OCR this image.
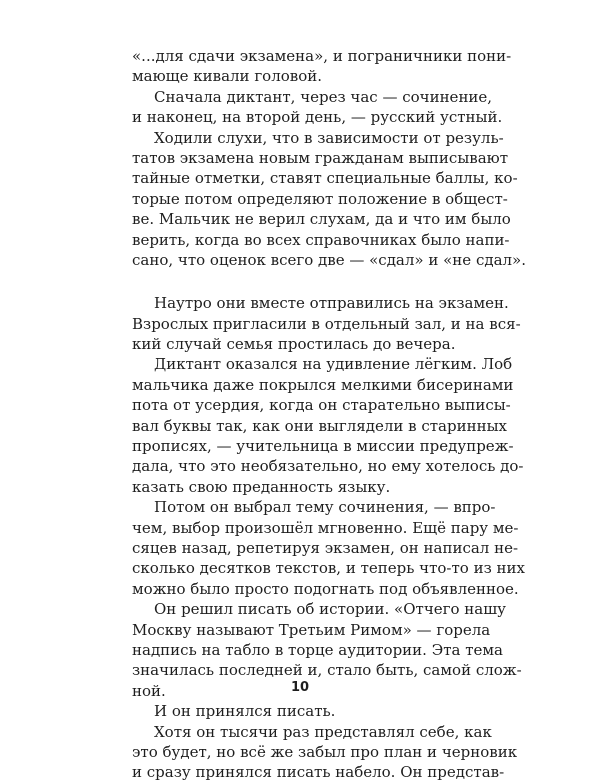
«...для сдачи экзамена», и пограничники пони-
мающе кивали головой.
Сначала диктант, через час — сочинение,
и наконец, на второй день, — русский устный.
Ходили слухи, что в зависимости от резуль-
татов экзамена новым гражданам выписывают
тайные отметки, ставят специальные баллы, ко-
торые потом определяют положение в общест-
ве. Мальчик не верил слухам, да и что им было
верить, когда во всех справочниках было напи-
сано, что оценок всего две — «сдал» и «не сдал».
Наутро они вместе отправились на экзамен.
Взрослых пригласили в отдельный зал, и на вся-
кий случай семья простилась до вечера.
Диктант оказался на удивление лёгким. Лоб
мальчика даже покрылся мелкими бисеринами
пота от усердия, когда он старательно выписы-
вал буквы так, как они выглядели в старинных
прописях, — учительница в миссии предупреж-
дала, что это необязательно, но ему хотелось до-
казать свою преданность языку.
Потом он выбрал тему сочинения, — впро-
чем, выбор произошёл мгновенно. Ещё пару ме-
сяцев назад, репетируя экзамен, он написал не-
сколько десятков текстов, и теперь что-то из них
можно было просто подогнать под объявленное.
Он решил писать об истории. «Отчего нашу
Москву называют Третьим Римом» — горела
надпись на табло в торце аудитории. Эта тема
значилась последней и, стало быть, самой слож-
ной.
И он принялся писать.
Хотя он тысячи раз представлял себе, как
это будет, но всё же забыл про план и черновик
и сразу принялся писать набело. Он представ-
10
